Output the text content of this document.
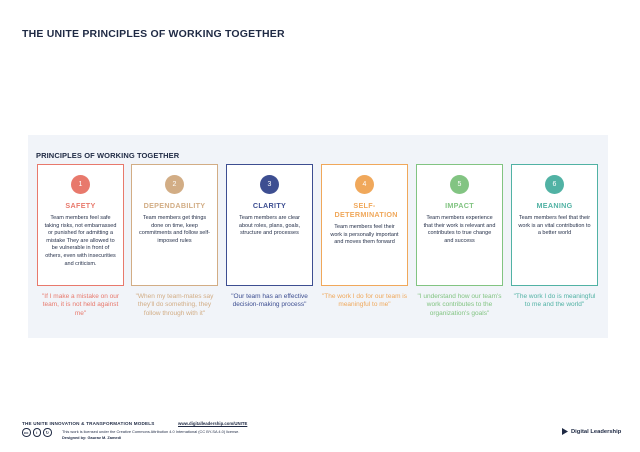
THE UNITE PRINCIPLES OF WORKING TOGETHER
PRINCIPLES OF WORKING TOGETHER
1
SAFETY
Team members feel safe taking risks, not embarrassed or punished for admitting a mistake They are allowed to be vulnerable in front of others, even with insecurities and criticism.
"If I make a mistake on our team, it is not held against me"
2
DEPENDABILITY
Team members get things done on time, keep commitments and follow self-imposed rules
"When my team-mates say they'll do something, they follow through with it"
3
CLARITY
Team members are clear about roles, plans, goals, structure and processes
"Our team has an effective decision-making process"
4
SELF-DETERMINATION
Team members feel their work is personally important and moves them forward
"The work I do for our team is meaningful to me"
5
IMPACT
Team members experience that their work is relevant and contributes to true change and success
"I understand how our team's work contributes to the organization's goals"
6
MEANING
Team members feel that their work is an vital contribution to a better world
"The work I do is meaningful to me and the world"
THE UNITE INNOVATION & TRANSFORMATION MODELS	www.digitalleadership.com/UNITE
cc	i	↻	This work is licensed under the Creative Commons Attribution 4.0 International (CC BY-SA 4.0) license.
Designed by: Gaurav M. Zamedi
Digital Leadership
